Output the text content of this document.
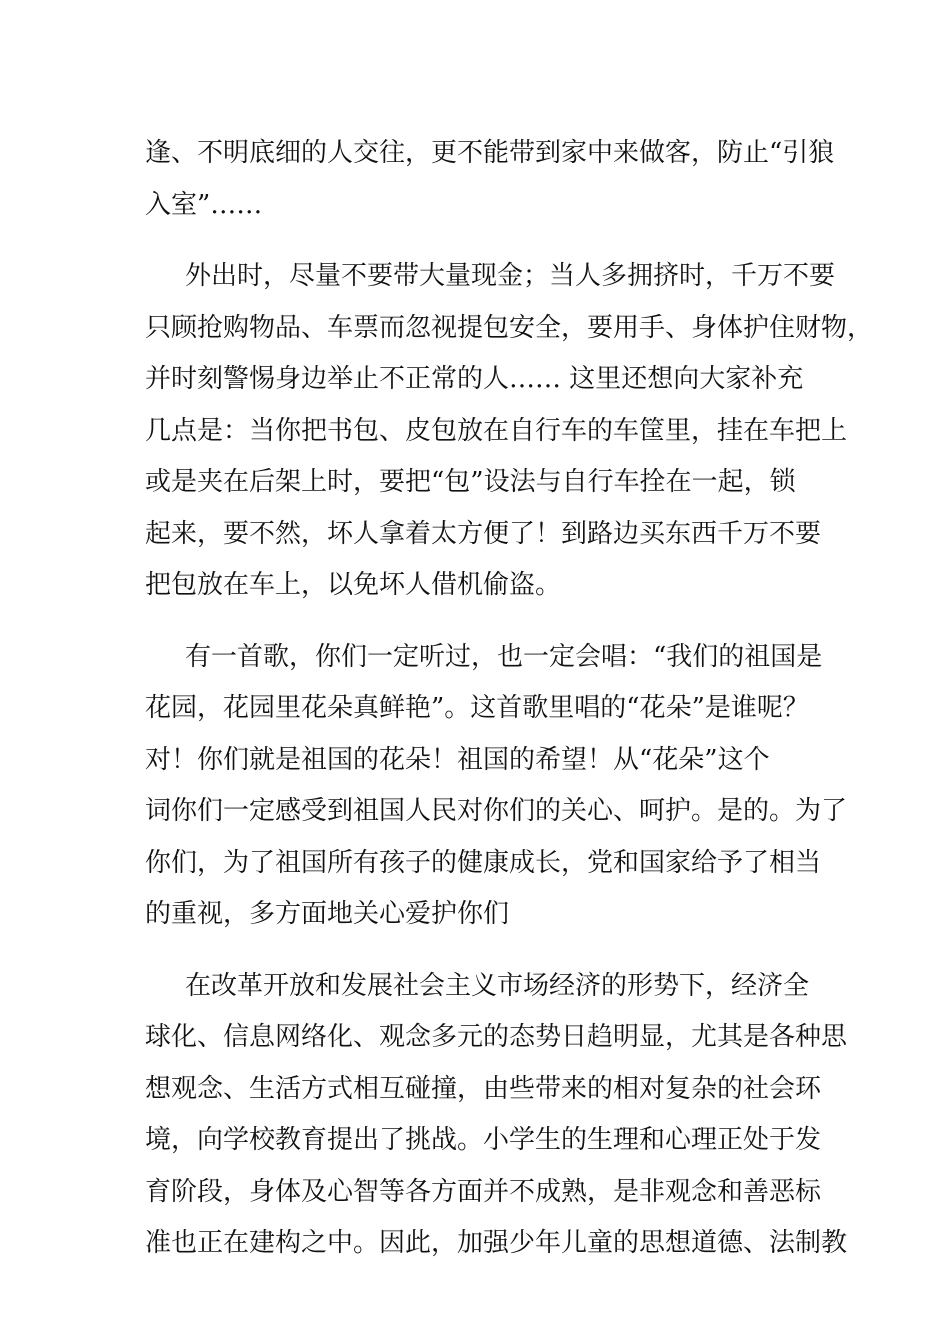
逢、不明底细的人交往，更不能带到家中来做客，防止“引狼
入室”……
外出时，尽量不要带大量现金；当人多拥挤时，千万不要
只顾抢购物品、车票而忽视提包安全，要用手、身体护住财物，
并时刻警惕身边举止不正常的人…… 这里还想向大家补充
几点是：当你把书包、皮包放在自行车的车筐里，挂在车把上
或是夹在后架上时，要把“包”设法与自行车拴在一起，锁
起来，要不然，坏人拿着太方便了！到路边买东西千万不要
把包放在车上，以免坏人借机偷盗。
有一首歌，你们一定听过，也一定会唱：“我们的祖国是
花园，花园里花朵真鲜艳”。这首歌里唱的“花朵”是谁呢？
对！你们就是祖国的花朵！祖国的希望！从“花朵”这个
词你们一定感受到祖国人民对你们的关心、呵护。是的。为了
你们，为了祖国所有孩子的健康成长，党和国家给予了相当
的重视，多方面地关心爱护你们
在改革开放和发展社会主义市场经济的形势下，经济全
球化、信息网络化、观念多元的态势日趋明显，尤其是各种思
想观念、生活方式相互碰撞，由些带来的相对复杂的社会环
境，向学校教育提出了挑战。小学生的生理和心理正处于发
育阶段，身体及心智等各方面并不成熟，是非观念和善恶标
准也正在建构之中。因此，加强少年儿童的思想道德、法制教
